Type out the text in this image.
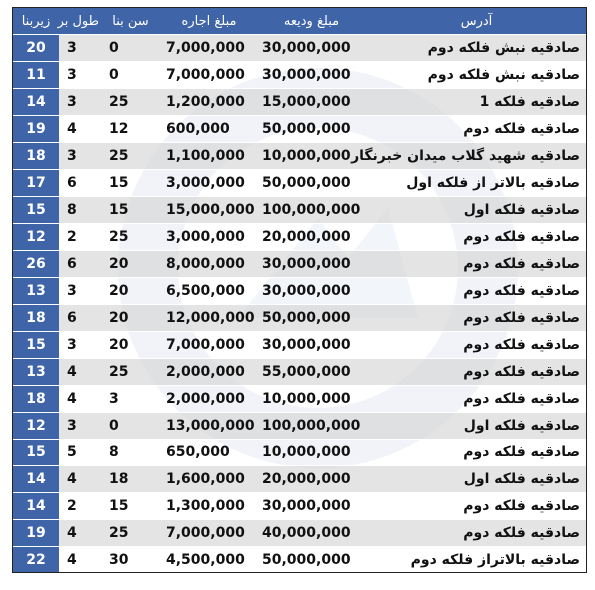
آدرس	مبلغ ودیعه	مبلغ اجاره	سن بنا	طول بر	زیربنا
صادقیه نبش فلکه دوم	30,000,000	7,000,000	0	3	20
صادقیه نبش فلکه دوم	30,000,000	7,000,000	0	3	11
صادقیه فلکه 1	15,000,000	1,200,000	25	3	14
صادقیه فلکه دوم	50,000,000	600,000	12	4	19
صادقیه شهید گلاب میدان خبرنگار	10,000,000	1,100,000	25	3	18
صادقیه بالاتر از فلکه اول	50,000,000	3,000,000	15	6	17
صادقیه فلکه اول	100,000,000	15,000,000	15	8	15
صادقیه فلکه دوم	20,000,000	3,000,000	25	2	12
صادقیه فلکه دوم	30,000,000	8,000,000	20	6	26
صادقیه فلکه دوم	30,000,000	6,500,000	20	3	13
صادقیه فلکه دوم	50,000,000	12,000,000	20	6	18
صادقیه فلکه دوم	30,000,000	7,000,000	20	3	15
صادقیه فلکه دوم	55,000,000	2,000,000	25	4	13
صادقیه فلکه دوم	10,000,000	2,000,000	3	4	18
صادقیه فلکه اول	100,000,000	13,000,000	0	3	12
صادقیه فلکه دوم	10,000,000	650,000	8	5	15
صادقیه فلکه اول	20,000,000	1,600,000	18	4	14
صادقیه فلکه دوم	30,000,000	1,300,000	15	2	14
صادقیه فلکه دوم	40,000,000	7,000,000	25	4	19
صادقیه بالاتراز فلکه دوم	50,000,000	4,500,000	30	4	22
